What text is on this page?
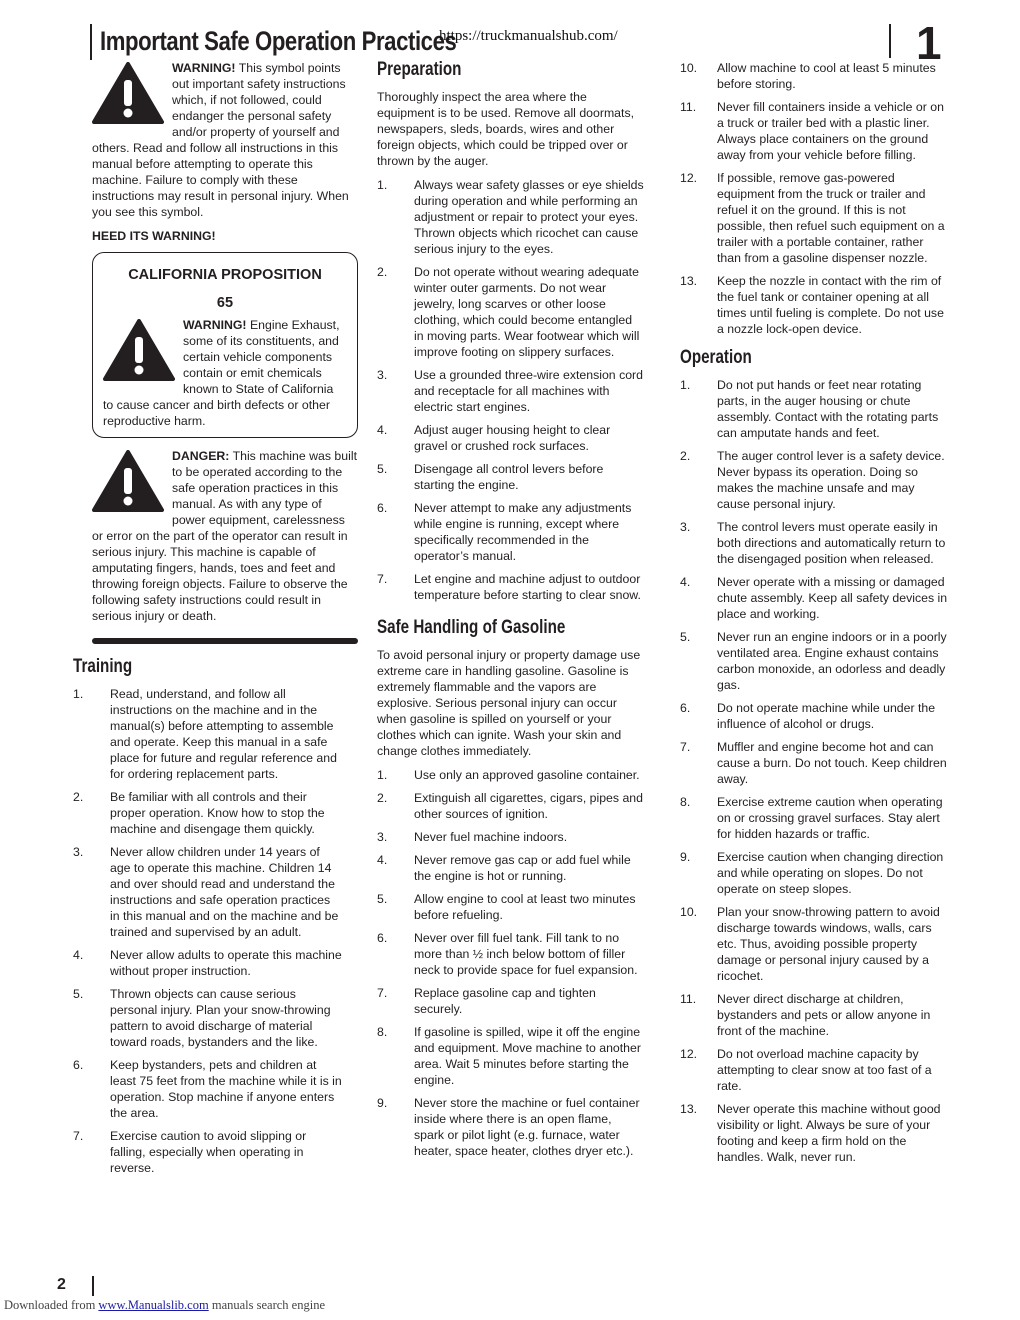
Important Safe Operation Practices
https://truckmanualshub.com/	1
WARNING! This symbol points out important safety instructions which, if not followed, could endanger the personal safety and/or property of yourself and others. Read and follow all instructions in this manual before attempting to operate this machine. Failure to comply with these instructions may result in personal injury. When you see this symbol.

HEED ITS WARNING!

CALIFORNIA PROPOSITION
65
WARNING! Engine Exhaust, some of its constituents, and certain vehicle components contain or emit chemicals known to State of California to cause cancer and birth defects or other reproductive harm.
DANGER: This machine was built to be operated according to the safe operation practices in this manual. As with any type of power equipment, carelessness or error on the part of the operator can result in serious injury. This machine is capable of amputating fingers, hands, toes and feet and throwing foreign objects. Failure to observe the following safety instructions could result in serious injury or death.
Training
1. Read, understand, and follow all instructions on the machine and in the manual(s) before attempting to assemble and operate. Keep this manual in a safe place for future and regular reference and for ordering replacement parts.
2. Be familiar with all controls and their proper operation. Know how to stop the machine and disengage them quickly.
3. Never allow children under 14 years of age to operate this machine. Children 14 and over should read and understand the instructions and safe operation practices in this manual and on the machine and be trained and supervised by an adult.
4. Never allow adults to operate this machine without proper instruction.
5. Thrown objects can cause serious personal injury. Plan your snow-throwing pattern to avoid discharge of material toward roads, bystanders and the like.
6. Keep bystanders, pets and children at least 75 feet from the machine while it is in operation. Stop machine if anyone enters the area.
7. Exercise caution to avoid slipping or falling, especially when operating in reverse.
Preparation

Thoroughly inspect the area where the equipment is to be used. Remove all doormats, newspapers, sleds, boards, wires and other foreign objects, which could be tripped over or thrown by the auger.

1. Always wear safety glasses or eye shields during operation and while performing an adjustment or repair to protect your eyes. Thrown objects which ricochet can cause serious injury to the eyes.
2. Do not operate without wearing adequate winter outer garments. Do not wear jewelry, long scarves or other loose clothing, which could become entangled in moving parts. Wear footwear which will improve footing on slippery surfaces.
3. Use a grounded three-wire extension cord and receptacle for all machines with electric start engines.
4. Adjust auger housing height to clear gravel or crushed rock surfaces.
5. Disengage all control levers before starting the engine.
6. Never attempt to make any adjustments while engine is running, except where specifically recommended in the operator’s manual.
7. Let engine and machine adjust to outdoor temperature before starting to clear snow.
Safe Handling of Gasoline

To avoid personal injury or property damage use extreme care in handling gasoline. Gasoline is extremely flammable and the vapors are explosive. Serious personal injury can occur when gasoline is spilled on yourself or your clothes which can ignite. Wash your skin and change clothes immediately.

1. Use only an approved gasoline container.
2. Extinguish all cigarettes, cigars, pipes and other sources of ignition.
3. Never fuel machine indoors.
4. Never remove gas cap or add fuel while the engine is hot or running.
5. Allow engine to cool at least two minutes before refueling.
6. Never over fill fuel tank. Fill tank to no more than ½ inch below bottom of filler neck to provide space for fuel expansion.
7. Replace gasoline cap and tighten securely.
8. If gasoline is spilled, wipe it off the engine and equipment. Move machine to another area. Wait 5 minutes before starting the engine.
9. Never store the machine or fuel container inside where there is an open flame, spark or pilot light (e.g. furnace, water heater, space heater, clothes dryer etc.).
10. Allow machine to cool at least 5 minutes before storing.
11. Never fill containers inside a vehicle or on a truck or trailer bed with a plastic liner. Always place containers on the ground away from your vehicle before filling.
12. If possible, remove gas-powered equipment from the truck or trailer and refuel it on the ground. If this is not possible, then refuel such equipment on a trailer with a portable container, rather than from a gasoline dispenser nozzle.
13. Keep the nozzle in contact with the rim of the fuel tank or container opening at all times until fueling is complete. Do not use a nozzle lock-open device.
Operation
1. Do not put hands or feet near rotating parts, in the auger housing or chute assembly. Contact with the rotating parts can amputate hands and feet.
2. The auger control lever is a safety device. Never bypass its operation. Doing so makes the machine unsafe and may cause personal injury.
3. The control levers must operate easily in both directions and automatically return to the disengaged position when released.
4. Never operate with a missing or damaged chute assembly. Keep all safety devices in place and working.
5. Never run an engine indoors or in a poorly ventilated area. Engine exhaust contains carbon monoxide, an odorless and deadly gas.
6. Do not operate machine while under the influence of alcohol or drugs.
7. Muffler and engine become hot and can cause a burn. Do not touch. Keep children away.
8. Exercise extreme caution when operating on or crossing gravel surfaces. Stay alert for hidden hazards or traffic.
9. Exercise caution when changing direction and while operating on slopes. Do not operate on steep slopes.
10. Plan your snow-throwing pattern to avoid discharge towards windows, walls, cars etc. Thus, avoiding possible property damage or personal injury caused by a ricochet.
11. Never direct discharge at children, bystanders and pets or allow anyone in front of the machine.
12. Do not overload machine capacity by attempting to clear snow at too fast of a rate.
13. Never operate this machine without good visibility or light. Always be sure of your footing and keep a firm hold on the handles. Walk, never run.
2
Downloaded from www.Manualslib.com manuals search engine
